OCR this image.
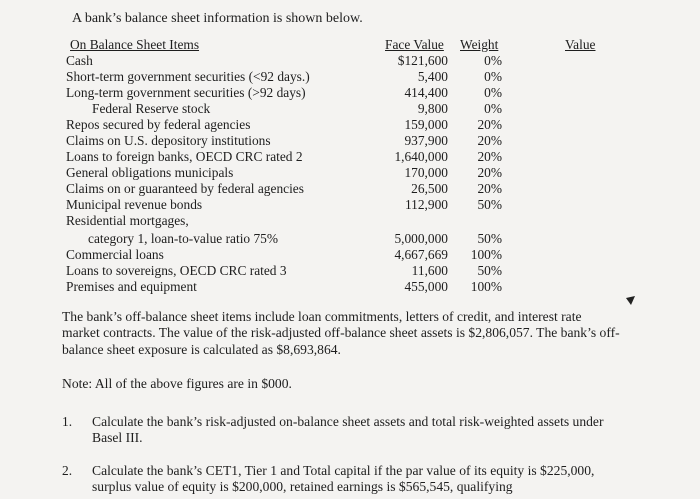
A bank’s balance sheet information is shown below.
On Balance Sheet Items	Face Value Weight	Value
Cash	$121,600	0%
Short-term government securities (<92 days.)	5,400	0%
Long-term government securities (>92 days)	414,400	0%
Federal Reserve stock	9,800	0%
Repos secured by federal agencies	159,000	20%
Claims on U.S. depository institutions	937,900	20%
Loans to foreign banks, OECD CRC rated 2	1,640,000	20%
General obligations municipals	170,000	20%
Claims on or guaranteed by federal agencies	26,500	20%
Municipal revenue bonds	112,900	50%
Residential mortgages,
category 1, loan-to-value ratio 75%	5,000,000	50%
Commercial loans	4,667,669	100%
Loans to sovereigns, OECD CRC rated 3	11,600	50%
Premises and equipment	455,000	100%
The bank’s off-balance sheet items include loan commitments, letters of credit, and interest rate market contracts. The value of the risk-adjusted off-balance sheet assets is $2,806,057. The bank’s off-balance sheet exposure is calculated as $8,693,864.
Note: All of the above figures are in $000.
1. Calculate the bank’s risk-adjusted on-balance sheet assets and total risk-weighted assets under Basel III.
2. Calculate the bank’s CET1, Tier 1 and Total capital if the par value of its equity is $225,000, surplus value of equity is $200,000, retained earnings is $565,545, qualifying
